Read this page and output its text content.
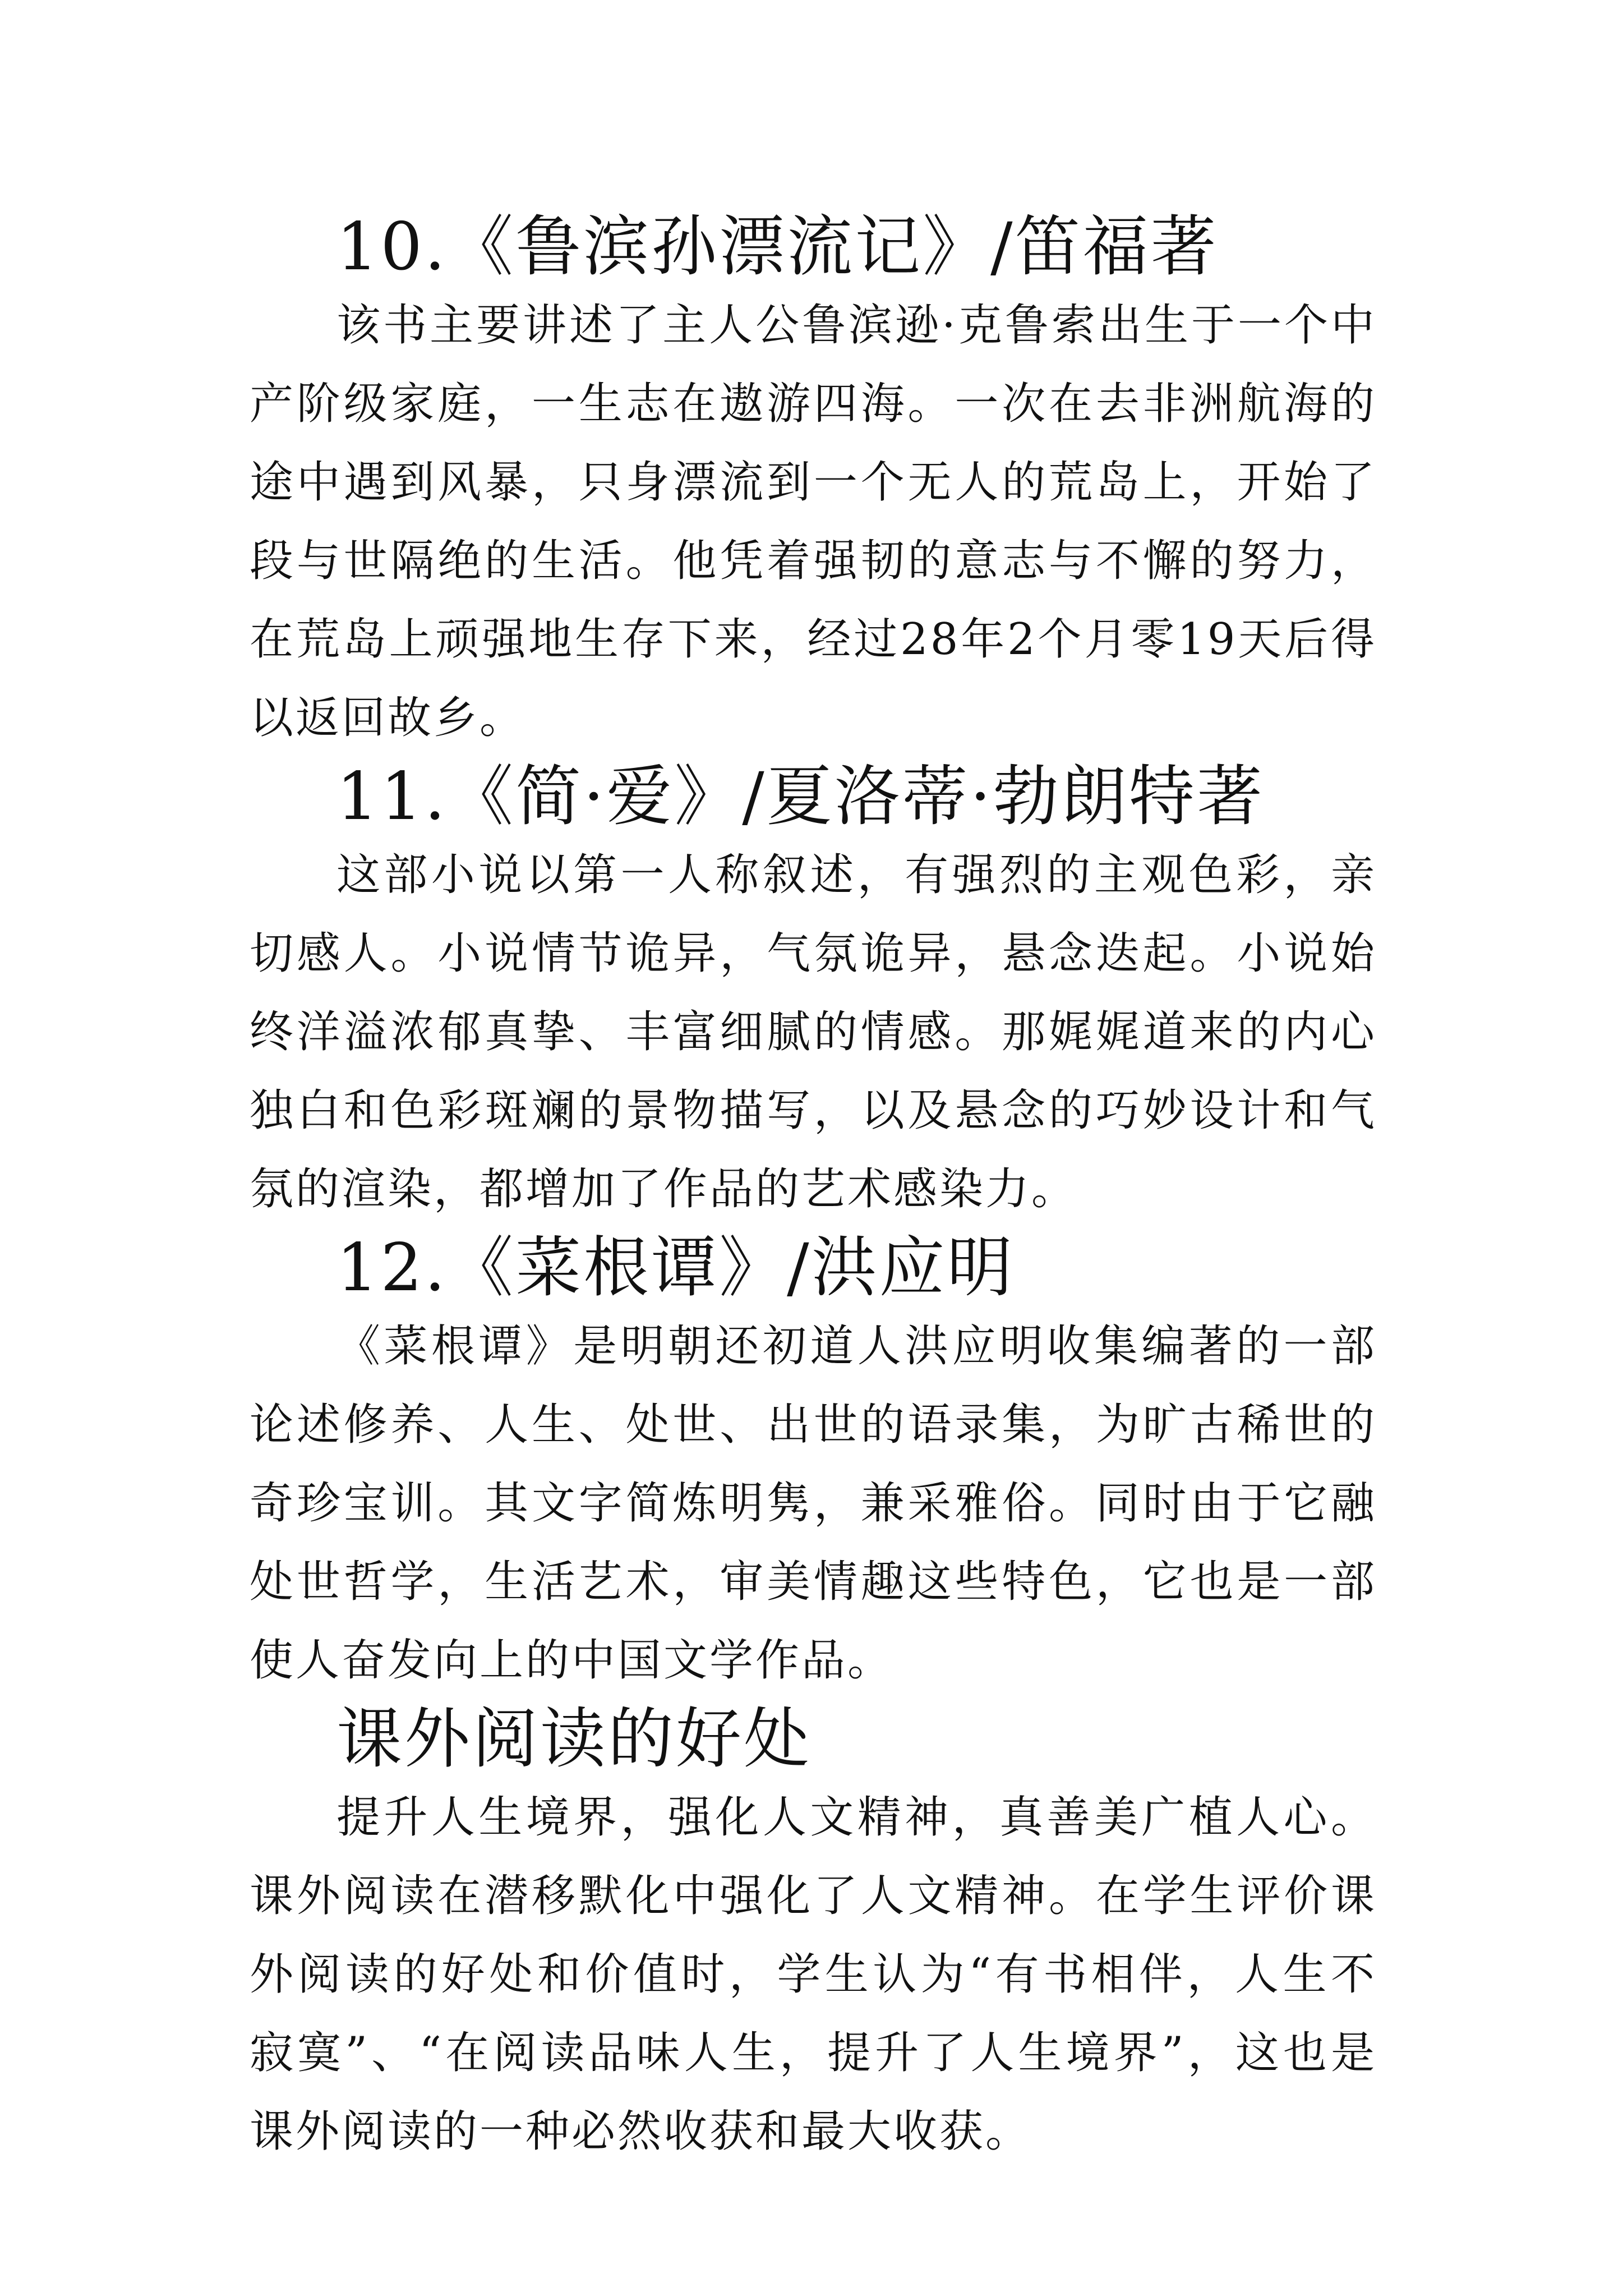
10.《鲁滨孙漂流记》/笛福著

该书主要讲述了主人公鲁滨逊·克鲁索出生于一个中产阶级家庭，一生志在遨游四海。一次在去非洲航海的途中遇到风暴，只身漂流到一个无人的荒岛上，开始了段与世隔绝的生活。他凭着强韧的意志与不懈的努力，在荒岛上顽强地生存下来，经过28年2个月零19天后得以返回故乡。

11.《简·爱》/夏洛蒂·勃朗特著

这部小说以第一人称叙述，有强烈的主观色彩，亲切感人。小说情节诡异，气氛诡异，悬念迭起。小说始终洋溢浓郁真挚、丰富细腻的情感。那娓娓道来的内心独白和色彩斑斓的景物描写，以及悬念的巧妙设计和气氛的渲染，都增加了作品的艺术感染力。

12.《菜根谭》/洪应明

《菜根谭》是明朝还初道人洪应明收集编著的一部论述修养、人生、处世、出世的语录集，为旷古稀世的奇珍宝训。其文字简炼明隽，兼采雅俗。同时由于它融处世哲学，生活艺术，审美情趣这些特色，它也是一部使人奋发向上的中国文学作品。

课外阅读的好处

提升人生境界，强化人文精神，真善美广植人心。课外阅读在潜移默化中强化了人文精神。在学生评价课外阅读的好处和价值时，学生认为“有书相伴，人生不寂寞”、“在阅读品味人生，提升了人生境界”，这也是课外阅读的一种必然收获和最大收获。
